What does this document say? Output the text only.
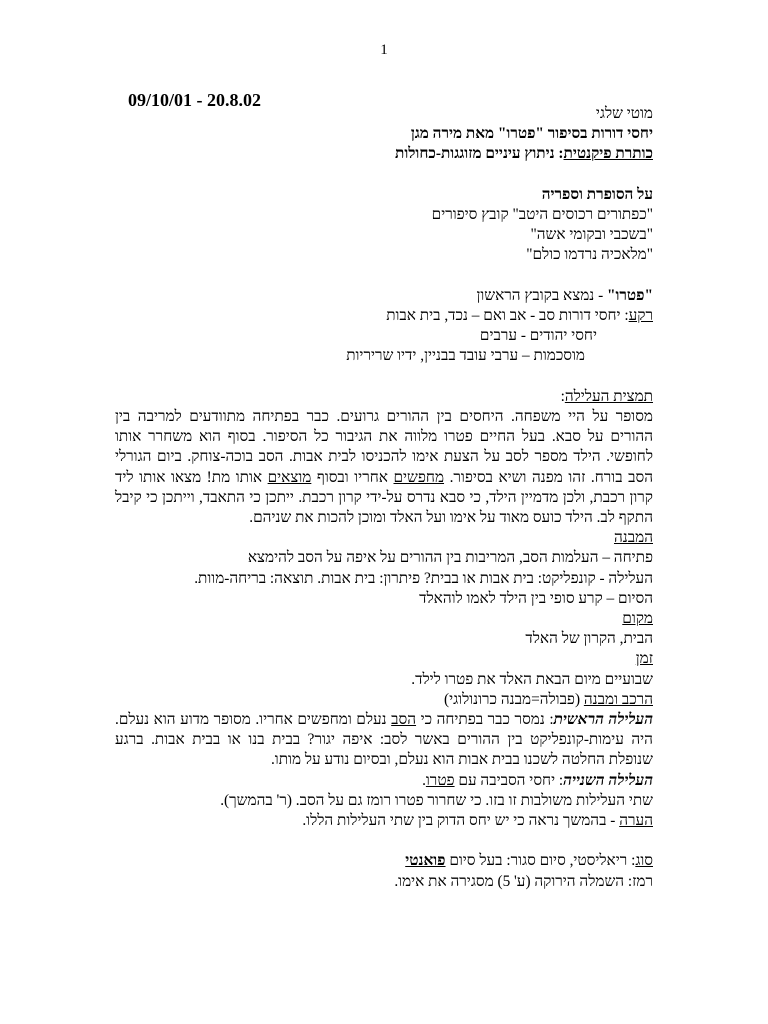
1
09/10/01 - 20.8.02

מוטי שלגי

יחסי דורות בסיפור "פטרו" מאת מירה מגן

כותרת פיקנטית: ניתוץ עיניים מזוגגות-כחולות

על הסופרת וספריה

"כפתורים רכוסים היטב" קובץ סיפורים

"בשכבי ובקומי אשה"

"מלאכיה נרדמו כולם"

"פטרו" - נמצא בקובץ הראשון

רקע: יחסי דורות סב - אב ואם – נכד, בית אבות

יחסי יהודים - ערבים

מוסכמות – ערבי עובד בבניין, ידיו שריריות

תמצית העלילה:

מסופר על היי משפחה. היחסים בין ההורים גרועים. כבר בפתיחה מתוודעים למריבה בין ההורים על סבא. בעל החיים פטרו מלווה את הגיבור כל הסיפור. בסוף הוא משחרר אותו לחופשי. הילד מספר לסב על הצעת אימו להכניסו לבית אבות. הסב בוכה-צוחק. ביום הגורלי הסב בורח. זהו מפנה ושיא בסיפור. מחפשים אחריו ובסוף מוצאים אותו מת! מצאו אותו ליד קרון רכבת, ולכן מדמיין הילד, כי סבא נדרס על-ידי קרון רכבת. ייתכן כי התאבד, וייתכן כי קיבל התקף לב. הילד כועס מאוד על אימו ועל האלד ומוכן להכות את שניהם.

המבנה

פתיחה – העלמות הסב, המריבות בין ההורים על איפה על הסב להימצא

העלילה - קונפליקט: בית אבות או בבית? פיתרון: בית אבות. תוצאה: בריחה-מוות.

הסיום – קרע סופי בין הילד לאמו לוהאלד

מקום

הבית, הקרון של האלד

זמן

שבועיים מיום הבאת האלד את פטרו לילד.

הרכב ומבנה (פבולה=מבנה כרונולוגי)

העלילה הראשית: נמסר כבר בפתיחה כי הסב נעלם ומחפשים אחריו. מסופר מדוע הוא נעלם. היה עימות-קונפליקט בין ההורים באשר לסב: איפה יגור? בבית בנו או בבית אבות. ברגע שנופלת החלטה לשכנו בבית אבות הוא נעלם, ובסיום נודע על מותו.

העלילה השנייה: יחסי הסביבה עם פטרו.

שתי העלילות משולבות זו בזו. כי שחרור פטרו רומז גם על הסב. (ר' בהמשך).

הערה - בהמשך נראה כי יש יחס הדוק בין שתי העלילות הללו.

סוג: ריאליסטי, סיום סגור: בעל סיום פואנטי

רמז: השמלה הירוקה (ע' 5) מסגירה את אימו.
